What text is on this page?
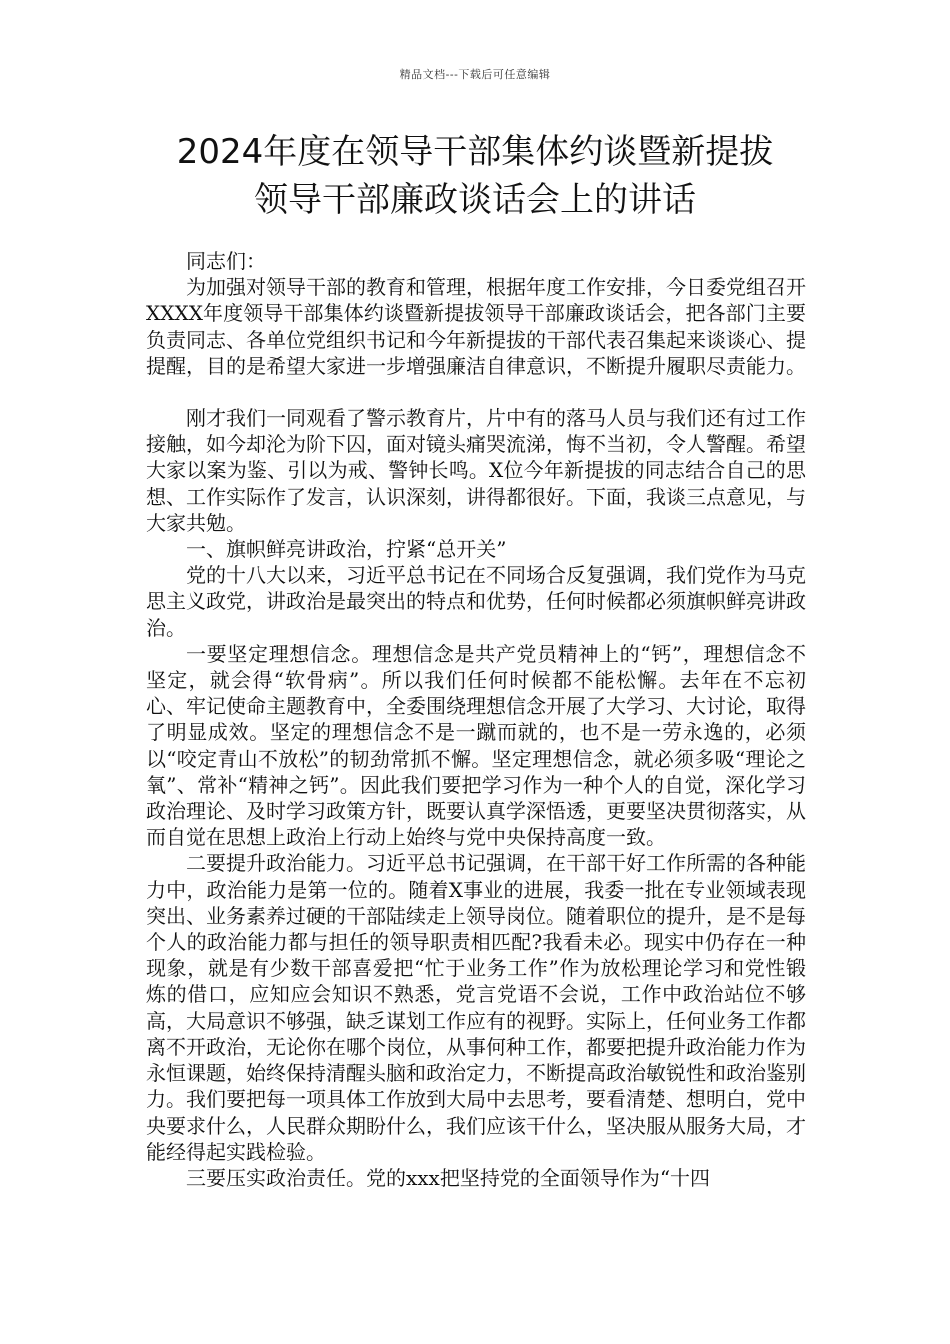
精品文档---下载后可任意编辑
2024年度在领导干部集体约谈暨新提拔
领导干部廉政谈话会上的讲话

同志们：

为加强对领导干部的教育和管理，根据年度工作安排，今日委党组召开XXXX年度领导干部集体约谈暨新提拔领导干部廉政谈话会，把各部门主要负责同志、各单位党组织书记和今年新提拔的干部代表召集起来谈谈心、提提醒，目的是希望大家进一步增强廉洁自律意识，不断提升履职尽责能力。

刚才我们一同观看了警示教育片，片中有的落马人员与我们还有过工作接触，如今却沦为阶下囚，面对镜头痛哭流涕，悔不当初，令人警醒。希望大家以案为鉴、引以为戒、警钟长鸣。X位今年新提拔的同志结合自己的思想、工作实际作了发言，认识深刻，讲得都很好。下面，我谈三点意见，与大家共勉。

一、旗帜鲜亮讲政治，拧紧“总开关”

党的十八大以来，习近平总书记在不同场合反复强调，我们党作为马克思主义政党，讲政治是最突出的特点和优势，任何时候都必须旗帜鲜亮讲政治。

一要坚定理想信念。理想信念是共产党员精神上的“钙”，理想信念不坚定，就会得“软骨病”。所以我们任何时候都不能松懈。去年在不忘初心、牢记使命主题教育中，全委围绕理想信念开展了大学习、大讨论，取得了明显成效。坚定的理想信念不是一蹴而就的，也不是一劳永逸的，必须以“咬定青山不放松”的韧劲常抓不懈。坚定理想信念，就必须多吸“理论之氧”、常补“精神之钙”。因此我们要把学习作为一种个人的自觉，深化学习政治理论、及时学习政策方针，既要认真学深悟透，更要坚决贯彻落实，从而自觉在思想上政治上行动上始终与党中央保持高度一致。

二要提升政治能力。习近平总书记强调，在干部干好工作所需的各种能力中，政治能力是第一位的。随着X事业的进展，我委一批在专业领域表现突出、业务素养过硬的干部陆续走上领导岗位。随着职位的提升，是不是每个人的政治能力都与担任的领导职责相匹配?我看未必。现实中仍存在一种现象，就是有少数干部喜爱把“忙于业务工作”作为放松理论学习和党性锻炼的借口，应知应会知识不熟悉，党言党语不会说，工作中政治站位不够高，大局意识不够强，缺乏谋划工作应有的视野。实际上，任何业务工作都离不开政治，无论你在哪个岗位，从事何种工作，都要把提升政治能力作为永恒课题，始终保持清醒头脑和政治定力，不断提高政治敏锐性和政治鉴别力。我们要把每一项具体工作放到大局中去思考，要看清楚、想明白，党中央要求什么，人民群众期盼什么，我们应该干什么，坚决服从服务大局，才能经得起实践检验。

三要压实政治责任。党的xxx把坚持党的全面领导作为“十四
